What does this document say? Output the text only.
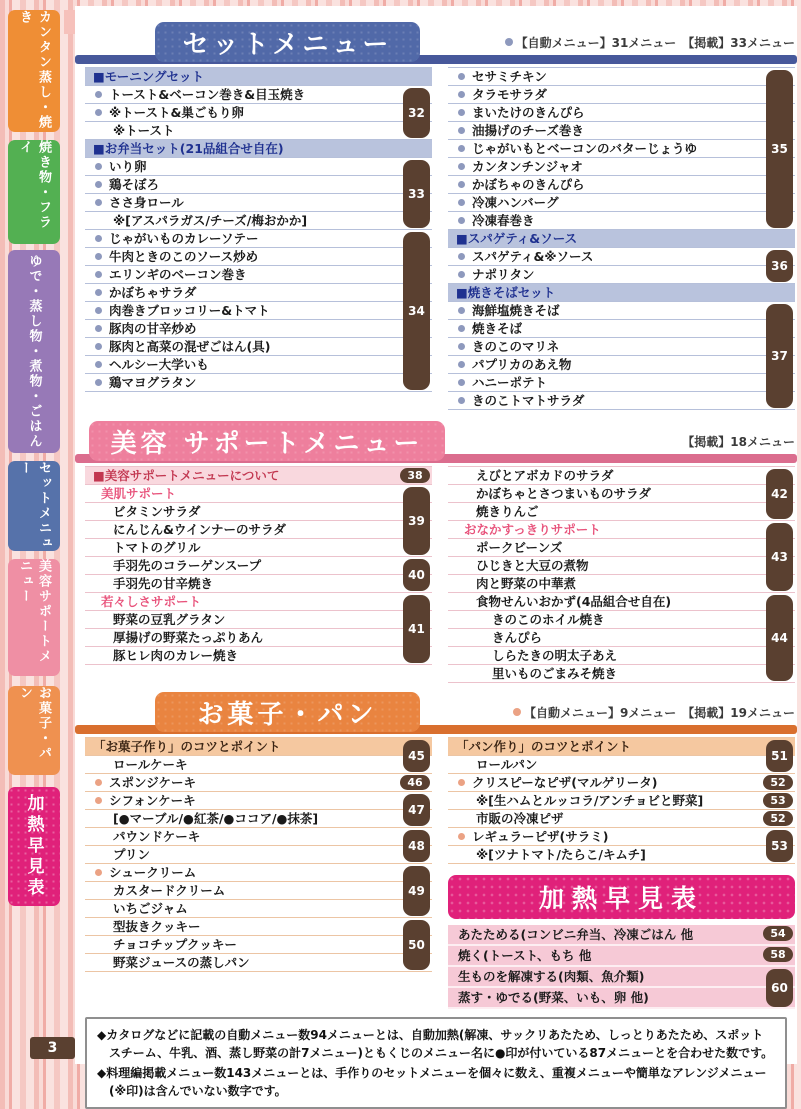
セットメニュー	【自動メニュー】31メニュー　【掲載】33メニュー
■モーニングセット
トースト&ベーコン巻き&目玉焼き
※トースト&巣ごもり卵
※トースト
32
■お弁当セット(21品組合せ自在)
いり卵
鶏そぼろ
ささ身ロール
※[アスパラガス/チーズ/梅おかか]
33
じゃがいものカレーソテー
牛肉ときのこのソース炒め
エリンギのベーコン巻き
かぼちゃサラダ
肉巻きブロッコリー&トマト
豚肉の甘辛炒め
豚肉と高菜の混ぜごはん(具)
ヘルシー大学いも
鶏マヨグラタン
34
セサミチキン
タラモサラダ
まいたけのきんぴら
油揚げのチーズ巻き
じゃがいもとベーコンのバターじょうゆ
カンタンチンジャオ
かぼちゃのきんぴら
冷凍ハンバーグ
冷凍春巻き
35
■スパゲティ&ソース
スパゲティ&※ソース
ナポリタン
36
■焼きそばセット
海鮮塩焼きそば
焼きそば
きのこのマリネ
パプリカのあえ物
ハニーポテト
きのこトマトサラダ
37
美容 サポートメニュー	【掲載】18メニュー
■美容サポートメニューについて	38
美肌サポート
ビタミンサラダ
にんじん&ウインナーのサラダ
トマトのグリル
39
手羽先のコラーゲンスープ
手羽先の甘辛焼き
40
若々しさサポート
野菜の豆乳グラタン
厚揚げの野菜たっぷりあん
豚ヒレ肉のカレー焼き
41
えびとアボカドのサラダ
かぼちゃとさつまいものサラダ
焼きりんご
42
おなかすっきりサポート
ポークビーンズ
ひじきと大豆の煮物
肉と野菜の中華煮
43
食物せんいおかず(4品組合せ自在)
きのこのホイル焼き
きんぴら
しらたきの明太子あえ
里いものごまみそ焼き
44
お菓子・パン	【自動メニュー】9メニュー　【掲載】19メニュー
「お菓子作り」のコツとポイント
ロールケーキ
45
スポンジケーキ	46
シフォンケーキ
[●マーブル/●紅茶/●ココア/●抹茶]
47
パウンドケーキ
プリン
48
シュークリーム
カスタードクリーム
いちごジャム
49
型抜きクッキー
チョコチップクッキー
野菜ジュースの蒸しパン
50
「パン作り」のコツとポイント
ロールパン
51
クリスピーなピザ(マルゲリータ)	52
※[生ハムとルッコラ/アンチョビと野菜]	53
市販の冷凍ピザ	52
レギュラーピザ(サラミ)
※[ツナトマト/たらこ/キムチ]
53
加熱早見表
あたためる(コンビニ弁当、冷凍ごはん 他	54
焼く(トースト、もち 他	58
生ものを解凍する(肉類、魚介類)
蒸す・ゆでる(野菜、いも、卵 他)
60

◆カタログなどに記載の自動メニュー数94メニューとは、自動加熱(解凍、サックリあたため、しっとりあたため、スポットスチーム、牛乳、酒、蒸し野菜の計7メニュー)ともくじのメニュー名に●印が付いている87メニューとを合わせた数です。

◆料理編掲載メニュー数143メニューとは、手作りのセットメニューを個々に数え、重複メニューや簡単なアレンジメニュー(※印)は含んでいない数字です。

カンタン蒸し・焼き
焼き物・フライ
ゆで・蒸し物・煮物・ごはん
セットメニュー
美容サポートメニュー
お菓子・パン
加熱早見表
3
